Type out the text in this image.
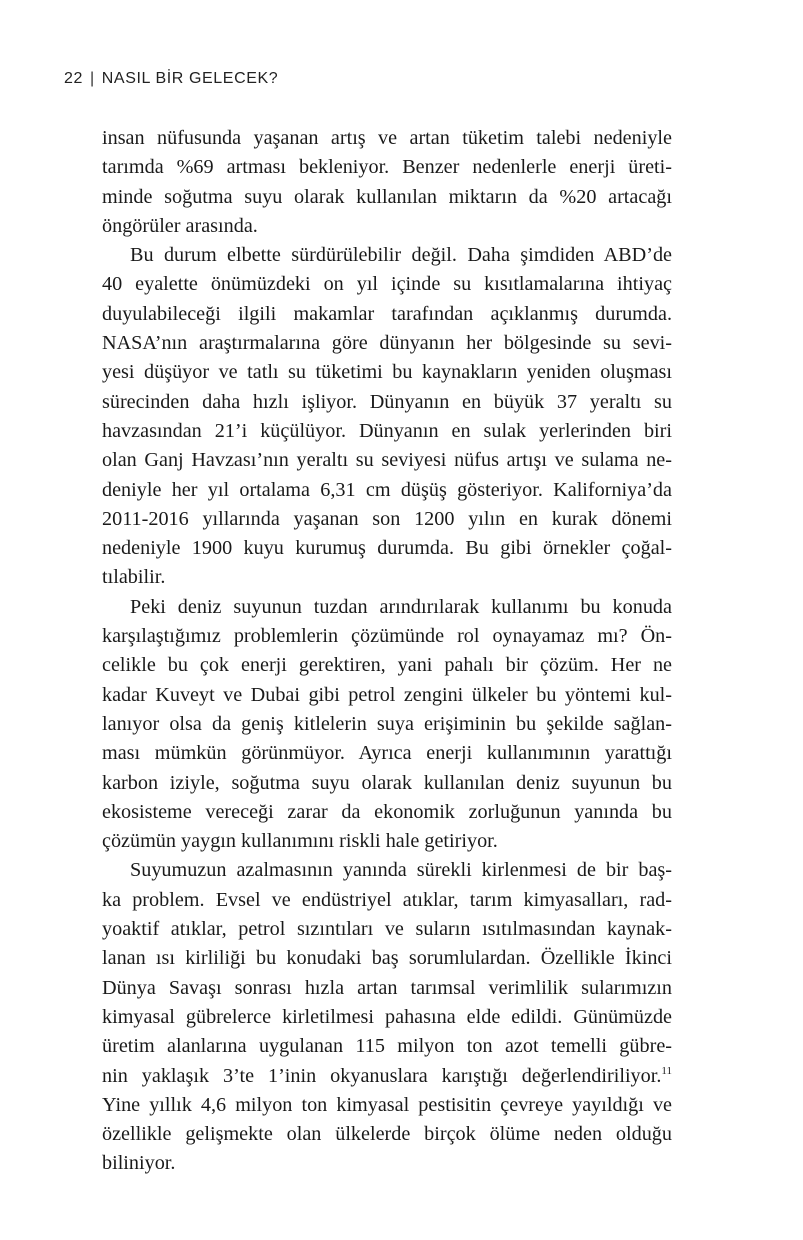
22 | NASIL BİR GELECEK?
insan nüfusunda yaşanan artış ve artan tüketim talebi nedeniyle
tarımda %69 artması bekleniyor. Benzer nedenlerle enerji üreti-
minde soğutma suyu olarak kullanılan miktarın da %20 artacağı
öngörüler arasında.
Bu durum elbette sürdürülebilir değil. Daha şimdiden ABD’de
40 eyalette önümüzdeki on yıl içinde su kısıtlamalarına ihtiyaç
duyulabileceği ilgili makamlar tarafından açıklanmış durumda.
NASA’nın araştırmalarına göre dünyanın her bölgesinde su sevi-
yesi düşüyor ve tatlı su tüketimi bu kaynakların yeniden oluşması
sürecinden daha hızlı işliyor. Dünyanın en büyük 37 yeraltı su
havzasından 21’i küçülüyor. Dünyanın en sulak yerlerinden biri
olan Ganj Havzası’nın yeraltı su seviyesi nüfus artışı ve sulama ne-
deniyle her yıl ortalama 6,31 cm düşüş gösteriyor. Kaliforniya’da
2011-2016 yıllarında yaşanan son 1200 yılın en kurak dönemi
nedeniyle 1900 kuyu kurumuş durumda. Bu gibi örnekler çoğal-
tılabilir.
Peki deniz suyunun tuzdan arındırılarak kullanımı bu konuda
karşılaştığımız problemlerin çözümünde rol oynayamaz mı? Ön-
celikle bu çok enerji gerektiren, yani pahalı bir çözüm. Her ne
kadar Kuveyt ve Dubai gibi petrol zengini ülkeler bu yöntemi kul-
lanıyor olsa da geniş kitlelerin suya erişiminin bu şekilde sağlan-
ması mümkün görünmüyor. Ayrıca enerji kullanımının yarattığı
karbon iziyle, soğutma suyu olarak kullanılan deniz suyunun bu
ekosisteme vereceği zarar da ekonomik zorluğunun yanında bu
çözümün yaygın kullanımını riskli hale getiriyor.
Suyumuzun azalmasının yanında sürekli kirlenmesi de bir baş-
ka problem. Evsel ve endüstriyel atıklar, tarım kimyasalları, rad-
yoaktif atıklar, petrol sızıntıları ve suların ısıtılmasından kaynak-
lanan ısı kirliliği bu konudaki baş sorumlulardan. Özellikle İkinci
Dünya Savaşı sonrası hızla artan tarımsal verimlilik sularımızın
kimyasal gübrelerce kirletilmesi pahasına elde edildi. Günümüzde
üretim alanlarına uygulanan 115 milyon ton azot temelli gübre-
nin yaklaşık 3’te 1’inin okyanuslara karıştığı değerlendiriliyor.$^{11}$
Yine yıllık 4,6 milyon ton kimyasal pestisitin çevreye yayıldığı ve
özellikle gelişmekte olan ülkelerde birçok ölüme neden olduğu
biliniyor.
